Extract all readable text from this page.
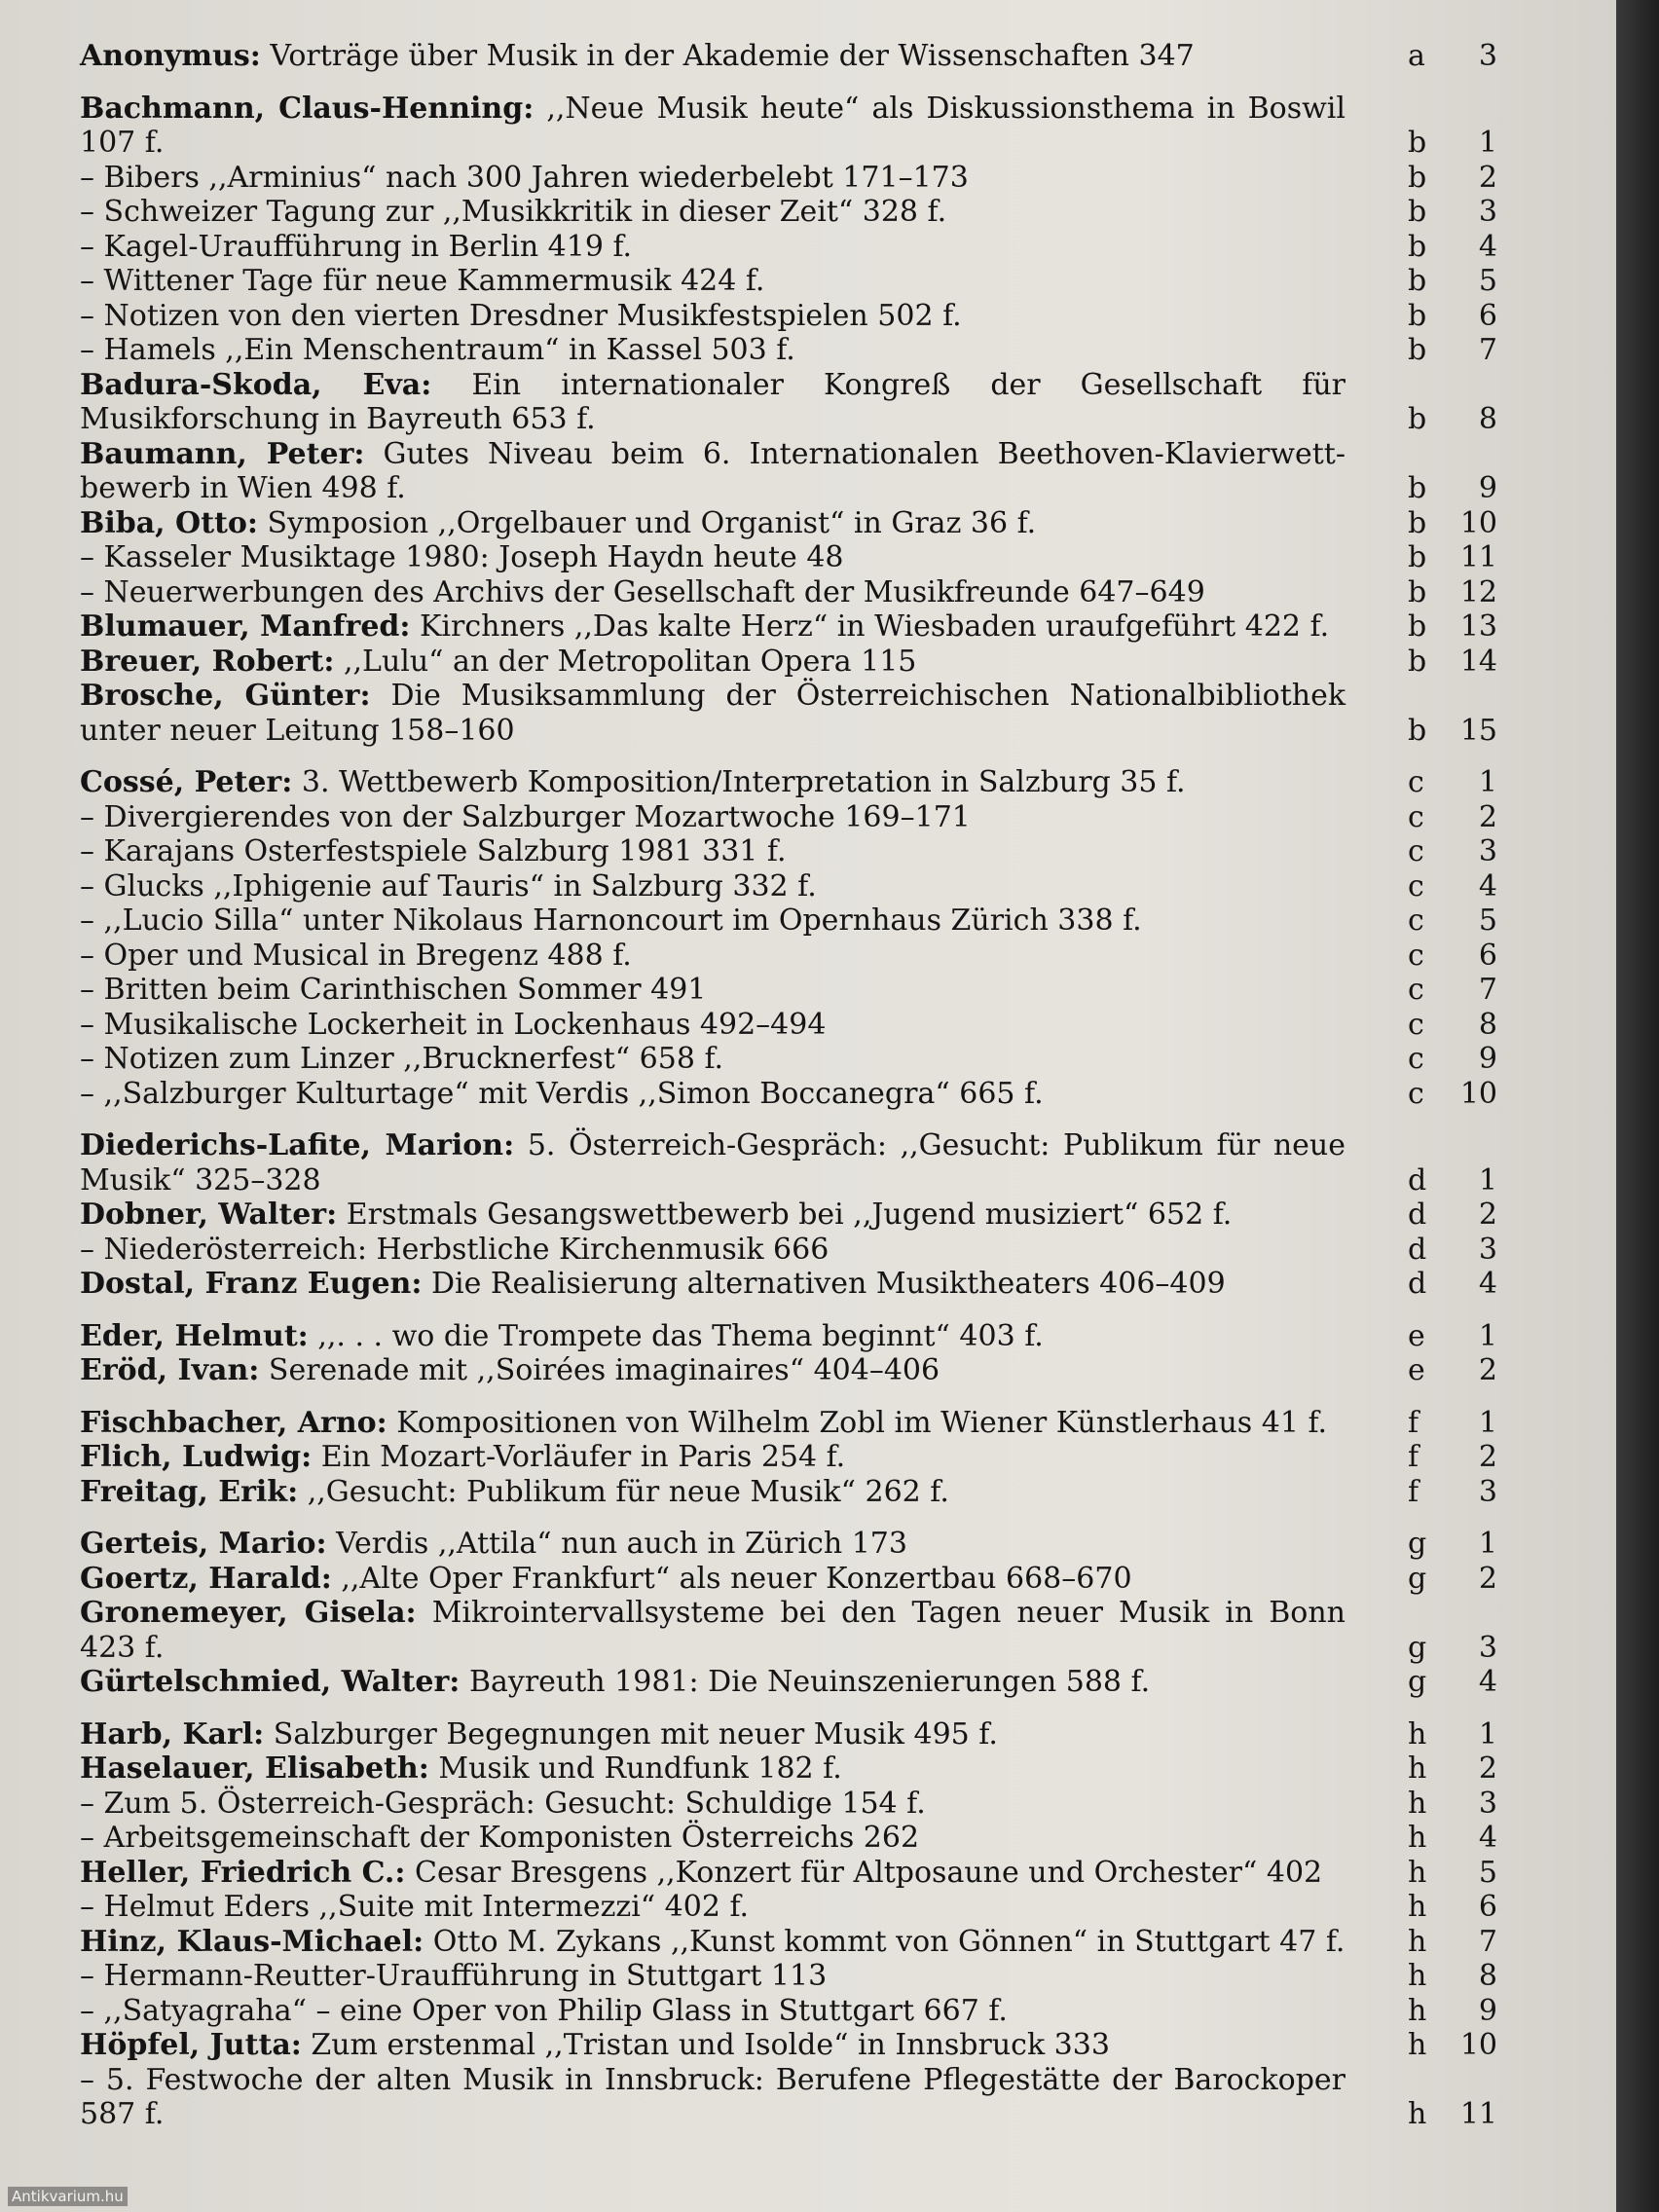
Anonymus: Vorträge über Musik in der Akademie der Wissenschaften 347	a	3
Bachmann, Claus-Henning: ,,Neue Musik heute“ als Diskussionsthema in Boswil 107 f.	b	1
– Bibers ,,Arminius“ nach 300 Jahren wiederbelebt 171–173	b	2
– Schweizer Tagung zur ,,Musikkritik in dieser Zeit“ 328 f.	b	3
– Kagel-Uraufführung in Berlin 419 f.	b	4
– Wittener Tage für neue Kammermusik 424 f.	b	5
– Notizen von den vierten Dresdner Musikfestspielen 502 f.	b	6
– Hamels ,,Ein Menschentraum“ in Kassel 503 f.	b	7
Badura-Skoda, Eva: Ein internationaler Kongreß der Gesellschaft für Musikforschung in Bayreuth 653 f.	b	8
Baumann, Peter: Gutes Niveau beim 6. Internationalen Beethoven-Klavierwett-bewerb in Wien 498 f.	b	9
Biba, Otto: Symposion ,,Orgelbauer und Organist“ in Graz 36 f.	b	10
– Kasseler Musiktage 1980: Joseph Haydn heute 48	b	11
– Neuerwerbungen des Archivs der Gesellschaft der Musikfreunde 647–649	b	12
Blumauer, Manfred: Kirchners ,,Das kalte Herz“ in Wiesbaden uraufgeführt 422 f.	b	13
Breuer, Robert: ,,Lulu“ an der Metropolitan Opera 115	b	14
Brosche, Günter: Die Musiksammlung der Österreichischen Nationalbibliothek unter neuer Leitung 158–160	b	15
Cossé, Peter: 3. Wettbewerb Komposition/Interpretation in Salzburg 35 f.	c	1
– Divergierendes von der Salzburger Mozartwoche 169–171	c	2
– Karajans Osterfestspiele Salzburg 1981 331 f.	c	3
– Glucks ,,Iphigenie auf Tauris“ in Salzburg 332 f.	c	4
– ,,Lucio Silla“ unter Nikolaus Harnoncourt im Opernhaus Zürich 338 f.	c	5
– Oper und Musical in Bregenz 488 f.	c	6
– Britten beim Carinthischen Sommer 491	c	7
– Musikalische Lockerheit in Lockenhaus 492–494	c	8
– Notizen zum Linzer ,,Brucknerfest“ 658 f.	c	9
– ,,Salzburger Kulturtage“ mit Verdis ,,Simon Boccanegra“ 665 f.	c	10
Diederichs-Lafite, Marion: 5. Österreich-Gespräch: ,,Gesucht: Publikum für neue Musik“ 325–328	d	1
Dobner, Walter: Erstmals Gesangswettbewerb bei ,,Jugend musiziert“ 652 f.	d	2
– Niederösterreich: Herbstliche Kirchenmusik 666	d	3
Dostal, Franz Eugen: Die Realisierung alternativen Musiktheaters 406–409	d	4
Eder, Helmut: ,,. . . wo die Trompete das Thema beginnt“ 403 f.	e	1
Eröd, Ivan: Serenade mit ,,Soirées imaginaires“ 404–406	e	2
Fischbacher, Arno: Kompositionen von Wilhelm Zobl im Wiener Künstlerhaus 41 f.	f	1
Flich, Ludwig: Ein Mozart-Vorläufer in Paris 254 f.	f	2
Freitag, Erik: ,,Gesucht: Publikum für neue Musik“ 262 f.	f	3
Gerteis, Mario: Verdis ,,Attila“ nun auch in Zürich 173	g	1
Goertz, Harald: ,,Alte Oper Frankfurt“ als neuer Konzertbau 668–670	g	2
Gronemeyer, Gisela: Mikrointervallsysteme bei den Tagen neuer Musik in Bonn 423 f.	g	3
Gürtelschmied, Walter: Bayreuth 1981: Die Neuinszenierungen 588 f.	g	4
Harb, Karl: Salzburger Begegnungen mit neuer Musik 495 f.	h	1
Haselauer, Elisabeth: Musik und Rundfunk 182 f.	h	2
– Zum 5. Österreich-Gespräch: Gesucht: Schuldige 154 f.	h	3
– Arbeitsgemeinschaft der Komponisten Österreichs 262	h	4
Heller, Friedrich C.: Cesar Bresgens ,,Konzert für Altposaune und Orchester“ 402	h	5
– Helmut Eders ,,Suite mit Intermezzi“ 402 f.	h	6
Hinz, Klaus-Michael: Otto M. Zykans ,,Kunst kommt von Gönnen“ in Stuttgart 47 f. h	7
– Hermann-Reutter-Uraufführung in Stuttgart 113	h	8
– ,,Satyagraha“ – eine Oper von Philip Glass in Stuttgart 667 f.	h	9
Höpfel, Jutta: Zum erstenmal ,,Tristan und Isolde“ in Innsbruck 333	h	10
– 5. Festwoche der alten Musik in Innsbruck: Berufene Pflegestätte der Barockoper 587 f.	h	11
Antikvarium.hu
